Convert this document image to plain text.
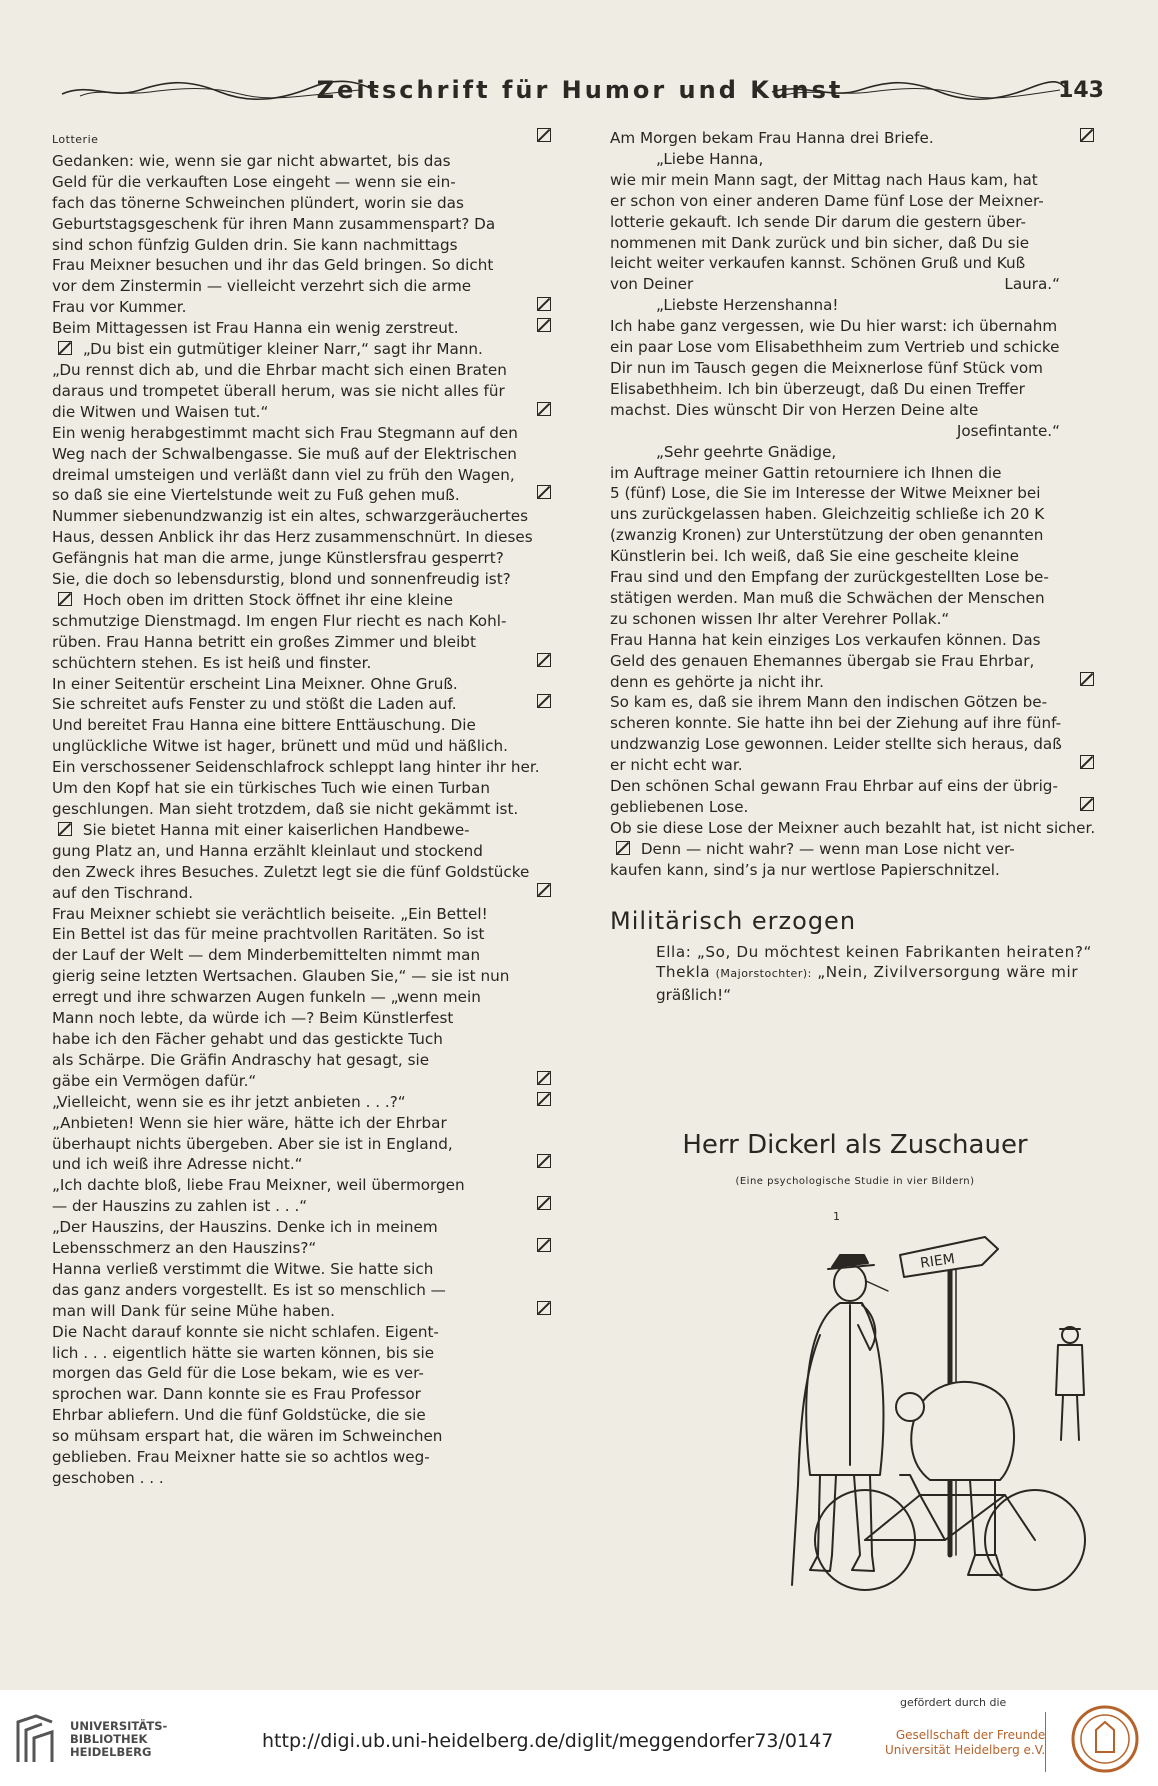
Zeitschrift für Humor und Kunst	143

Lotterie

Gedanken: wie, wenn sie gar nicht abwartet, bis das

Geld für die verkauften Lose eingeht — wenn sie ein-

fach das tönerne Schweinchen plündert, worin sie das

Geburtstagsgeschenk für ihren Mann zusammenspart? Da

sind schon fünfzig Gulden drin. Sie kann nachmittags

Frau Meixner besuchen und ihr das Geld bringen. So dicht

vor dem Zinstermin — vielleicht verzehrt sich die arme

Frau vor Kummer.

Beim Mittagessen ist Frau Hanna ein wenig zerstreut.

„Du bist ein gutmütiger kleiner Narr,“ sagt ihr Mann.

„Du rennst dich ab, und die Ehrbar macht sich einen Braten

daraus und trompetet überall herum, was sie nicht alles für

die Witwen und Waisen tut.“

Ein wenig herabgestimmt macht sich Frau Stegmann auf den

Weg nach der Schwalbengasse. Sie muß auf der Elektrischen

dreimal umsteigen und verläßt dann viel zu früh den Wagen,

so daß sie eine Viertelstunde weit zu Fuß gehen muß.

Nummer siebenundzwanzig ist ein altes, schwarzgeräuchertes

Haus, dessen Anblick ihr das Herz zusammenschnürt. In dieses

Gefängnis hat man die arme, junge Künstlersfrau gesperrt?

Sie, die doch so lebensdurstig, blond und sonnenfreudig ist?

Hoch oben im dritten Stock öffnet ihr eine kleine

schmutzige Dienstmagd. Im engen Flur riecht es nach Kohl-

rüben. Frau Hanna betritt ein großes Zimmer und bleibt

schüchtern stehen. Es ist heiß und finster.

In einer Seitentür erscheint Lina Meixner. Ohne Gruß.

Sie schreitet aufs Fenster zu und stößt die Laden auf.

Und bereitet Frau Hanna eine bittere Enttäuschung. Die

unglückliche Witwe ist hager, brünett und müd und häßlich.

Ein verschossener Seidenschlafrock schleppt lang hinter ihr her.

Um den Kopf hat sie ein türkisches Tuch wie einen Turban

geschlungen. Man sieht trotzdem, daß sie nicht gekämmt ist.

Sie bietet Hanna mit einer kaiserlichen Handbewe-

gung Platz an, und Hanna erzählt kleinlaut und stockend

den Zweck ihres Besuches. Zuletzt legt sie die fünf Goldstücke

auf den Tischrand.

Frau Meixner schiebt sie verächtlich beiseite. „Ein Bettel!

Ein Bettel ist das für meine prachtvollen Raritäten. So ist

der Lauf der Welt — dem Minderbemittelten nimmt man

gierig seine letzten Wertsachen. Glauben Sie,“ — sie ist nun

erregt und ihre schwarzen Augen funkeln — „wenn mein

Mann noch lebte, da würde ich —? Beim Künstlerfest

habe ich den Fächer gehabt und das gestickte Tuch

als Schärpe. Die Gräfin Andraschy hat gesagt, sie

gäbe ein Vermögen dafür.“

„Vielleicht, wenn sie es ihr jetzt anbieten . . .?“

„Anbieten! Wenn sie hier wäre, hätte ich der Ehrbar

überhaupt nichts übergeben. Aber sie ist in England,

und ich weiß ihre Adresse nicht.“

„Ich dachte bloß, liebe Frau Meixner, weil übermorgen

— der Hauszins zu zahlen ist . . .“

„Der Hauszins, der Hauszins. Denke ich in meinem

Lebensschmerz an den Hauszins?“

Hanna verließ verstimmt die Witwe. Sie hatte sich

das ganz anders vorgestellt. Es ist so menschlich —

man will Dank für seine Mühe haben.

Die Nacht darauf konnte sie nicht schlafen. Eigent-

lich . . . eigentlich hätte sie warten können, bis sie

morgen das Geld für die Lose bekam, wie es ver-

sprochen war. Dann konnte sie es Frau Professor

Ehrbar abliefern. Und die fünf Goldstücke, die sie

so mühsam erspart hat, die wären im Schweinchen

geblieben. Frau Meixner hatte sie so achtlos weg-

geschoben . . .

Am Morgen bekam Frau Hanna drei Briefe.

„Liebe Hanna,

wie mir mein Mann sagt, der Mittag nach Haus kam, hat

er schon von einer anderen Dame fünf Lose der Meixner-

lotterie gekauft. Ich sende Dir darum die gestern über-

nommenen mit Dank zurück und bin sicher, daß Du sie

leicht weiter verkaufen kannst. Schönen Gruß und Kuß

von Deiner	Laura.“

„Liebste Herzenshanna!

Ich habe ganz vergessen, wie Du hier warst: ich übernahm

ein paar Lose vom Elisabethheim zum Vertrieb und schicke

Dir nun im Tausch gegen die Meixnerlose fünf Stück vom

Elisabethheim. Ich bin überzeugt, daß Du einen Treffer

machst. Dies wünscht Dir von Herzen Deine alte

Josefintante.“

„Sehr geehrte Gnädige,

im Auftrage meiner Gattin retourniere ich Ihnen die

5 (fünf) Lose, die Sie im Interesse der Witwe Meixner bei

uns zurückgelassen haben. Gleichzeitig schließe ich 20 K

(zwanzig Kronen) zur Unterstützung der oben genannten

Künstlerin bei. Ich weiß, daß Sie eine gescheite kleine

Frau sind und den Empfang der zurückgestellten Lose be-

stätigen werden. Man muß die Schwächen der Menschen

zu schonen wissen Ihr alter Verehrer Pollak.“

Frau Hanna hat kein einziges Los verkaufen können. Das

Geld des genauen Ehemannes übergab sie Frau Ehrbar,

denn es gehörte ja nicht ihr.

So kam es, daß sie ihrem Mann den indischen Götzen be-

scheren konnte. Sie hatte ihn bei der Ziehung auf ihre fünf-

undzwanzig Lose gewonnen. Leider stellte sich heraus, daß

er nicht echt war.

Den schönen Schal gewann Frau Ehrbar auf eins der übrig-

gebliebenen Lose.

Ob sie diese Lose der Meixner auch bezahlt hat, ist nicht sicher.

Denn — nicht wahr? — wenn man Lose nicht ver-

kaufen kann, sind’s ja nur wertlose Papierschnitzel.

Militärisch erzogen

Ella: „So, Du möchtest keinen Fabrikanten heiraten?“

Thekla (Majorstochter): „Nein, Zivilversorgung wäre mir

gräßlich!“

Herr Dickerl als Zuschauer
(Eine psychologische Studie in vier Bildern)
1
RIEM
UNIVERSITÄTS-
BIBLIOTHEK
HEIDELBERG	http://digi.ub.uni-heidelberg.de/diglit/meggendorfer73/0147
gefördert durch die
Gesellschaft der Freunde
Universität Heidelberg e.V.
